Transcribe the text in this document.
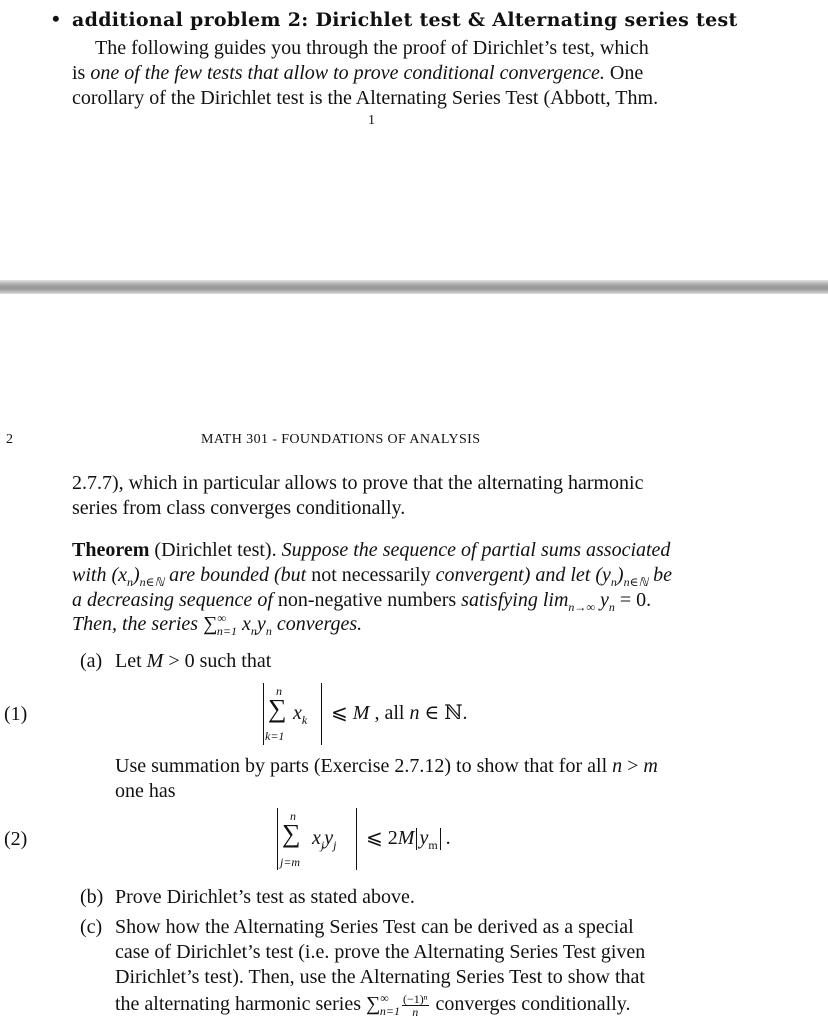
• additional problem 2: Dirichlet test & Alternating series test
The following guides you through the proof of Dirichlet’s test, which
is one of the few tests that allow to prove conditional convergence. One
corollary of the Dirichlet test is the Alternating Series Test (Abbott, Thm.
1
2	MATH 301 - FOUNDATIONS OF ANALYSIS
2.7.7), which in particular allows to prove that the alternating harmonic
series from class converges conditionally.
Theorem (Dirichlet test). Suppose the sequence of partial sums associated
with $(x_n)_{n\in ℕ}$ are bounded (but not necessarily convergent) and let $(y_n)_{n\in ℕ}$ be
a decreasing sequence of non-negative numbers satisfying $\lim_{n\to\infty} y_n = 0$.
Then, the series $\sum^\infty_{n=1}$ $x_ny_n$ converges.
(a) Let M > 0 such that
(1)
n
∑
k=1
$x_k$ ⩽ M , all n ∈ ℕ.
Use summation by parts (Exercise 2.7.12) to show that for all n > m
one has
(2)
n
∑
j=m
$x_jy_j$ ⩽ 2M $y_m$ .
(b) Prove Dirichlet’s test as stated above.
(c) Show how the Alternating Series Test can be derived as a special
case of Dirichlet’s test (i.e. prove the Alternating Series Test given
Dirichlet’s test). Then, use the Alternating Series Test to show that
the alternating harmonic series $\sum^\infty_{n=1} \frac{\text{(−1)ⁿ}}{n}$ converges conditionally.
